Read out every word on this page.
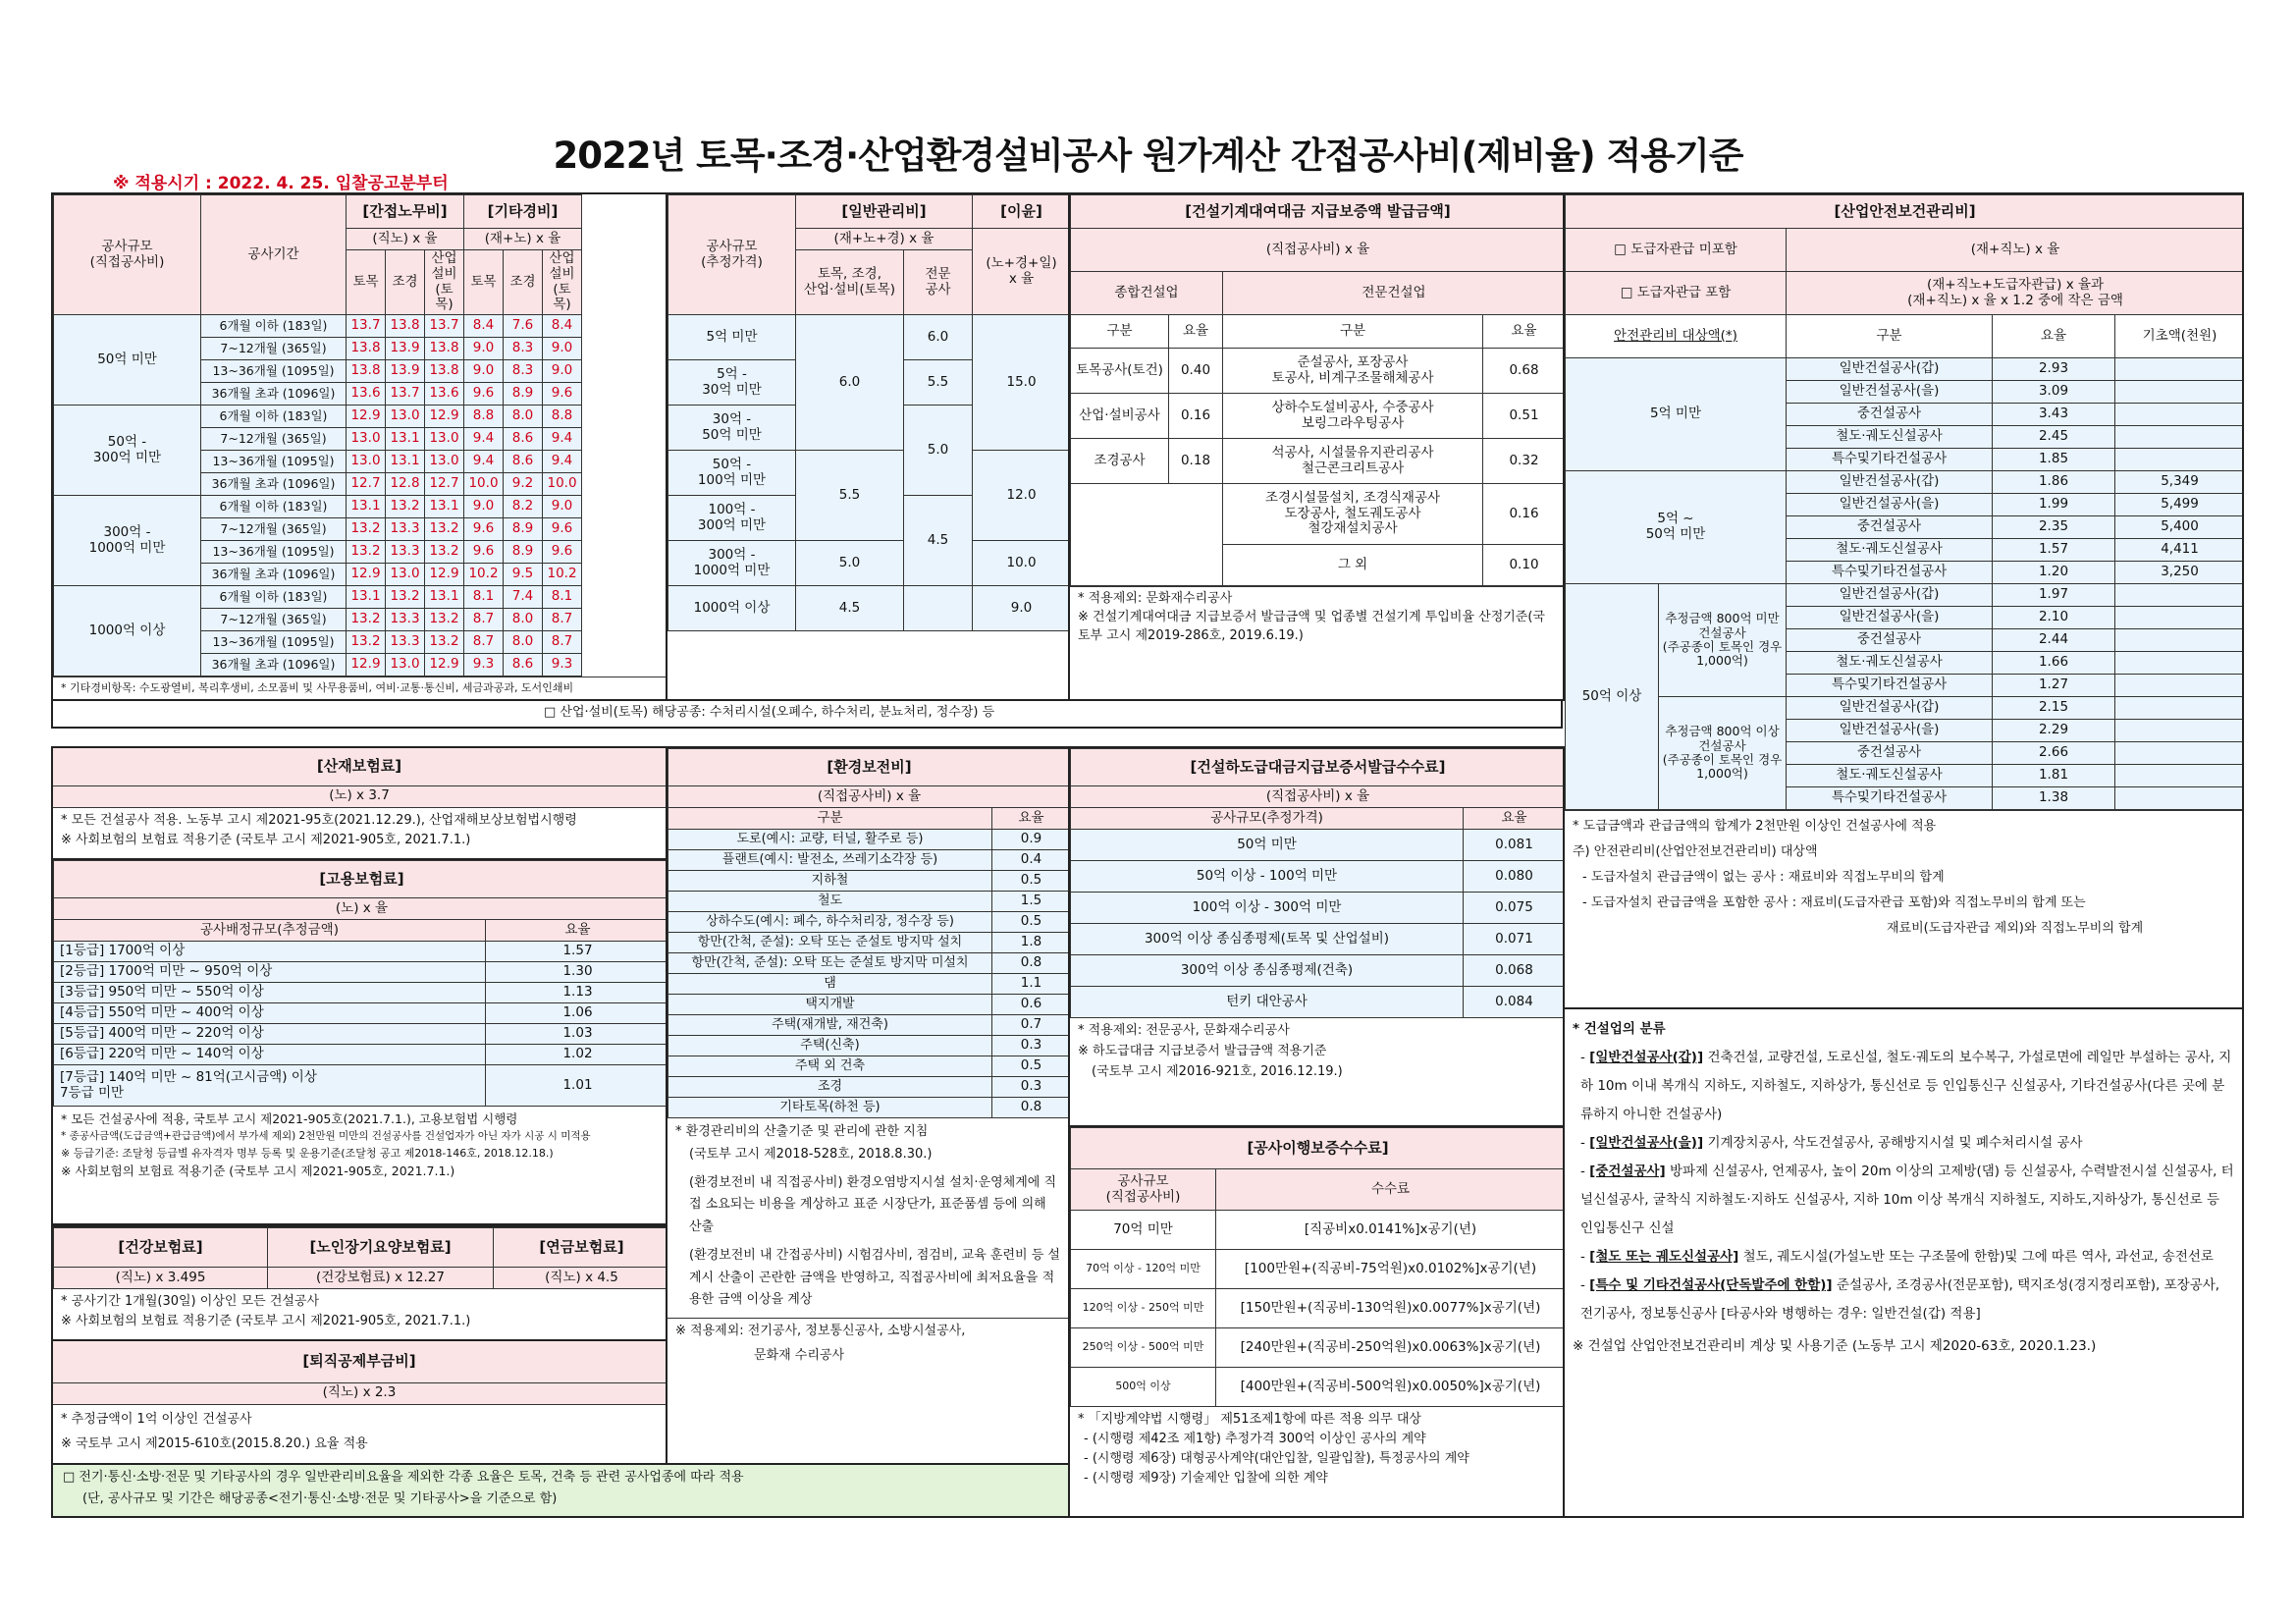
2022년 토목·조경·산업환경설비공사 원가계산 간접공사비(제비율) 적용기준
※ 적용시기 : 2022. 4. 25. 입찰공고분부터
공사규모
(직접공사비)	공사기간	[간접노무비]			[기타경비]			
		(직노) x 율			(재+노) x 율			
		토목	조경	산업
설비
(토목)	토목	조경	산업
설비
(토목)	
50억 미만	6개월 이하 (183일)	13.7	13.8	13.7	8.4	7.6	8.4	
	7~12개월 (365일)	13.8	13.9	13.8	9.0	8.3	9.0	
	13~36개월 (1095일)	13.8	13.9	13.8	9.0	8.3	9.0	
	36개월 초과 (1096일)	13.6	13.7	13.6	9.6	8.9	9.6	
50억 -
300억 미만	6개월 이하 (183일)	12.9	13.0	12.9	8.8	8.0	8.8	
	7~12개월 (365일)	13.0	13.1	13.0	9.4	8.6	9.4	
	13~36개월 (1095일)	13.0	13.1	13.0	9.4	8.6	9.4	
	36개월 초과 (1096일)	12.7	12.8	12.7	10.0	9.2	10.0	
300억 -
1000억 미만	6개월 이하 (183일)	13.1	13.2	13.1	9.0	8.2	9.0	
	7~12개월 (365일)	13.2	13.3	13.2	9.6	8.9	9.6	
	13~36개월 (1095일)	13.2	13.3	13.2	9.6	8.9	9.6	
	36개월 초과 (1096일)	12.9	13.0	12.9	10.2	9.5	10.2	
1000억 이상	6개월 이하 (183일)	13.1	13.2	13.1	8.1	7.4	8.1	
	7~12개월 (365일)	13.2	13.3	13.2	8.7	8.0	8.7	
	13~36개월 (1095일)	13.2	13.3	13.2	8.7	8.0	8.7	
	36개월 초과 (1096일)	12.9	13.0	12.9	9.3	8.6	9.3	
* 기타경비항목: 수도광열비, 복리후생비, 소모품비 및 사무용품비, 여비·교통·통신비, 세금과공과, 도서인쇄비
□ 산업·설비(토목) 해당공종: 수처리시설(오폐수, 하수처리, 분뇨처리, 정수장) 등
공사규모
(추정가격)	[일반관리비]		[이윤]
	(재+노+경) x 율		(노+경+일)
x 율
	토목, 조경,
산업·설비(토목)	전문
공사	
5억 미만	6.0	6.0	15.0
5억 -
30억 미만		5.5	
30억 -
50억 미만		5.0	
50억 -
100억 미만	5.5		12.0
100억 -
300억 미만		4.5	
300억 -
1000억 미만	5.0		10.0
1000억 이상	4.5		9.0
[건설기계대여대금 지급보증액 발급금액]			
(직접공사비) x 율			
종합건설업		전문건설업	
구분	요율	구분	요율
토목공사(토건)	0.40	준설공사, 포장공사
토공사, 비계구조물해체공사	0.68
산업·설비공사	0.16	상하수도설비공사, 수중공사
보링그라우팅공사	0.51
조경공사	0.18	석공사, 시설물유지관리공사
철근콘크리트공사	0.32
		조경시설물설치, 조경식재공사
도장공사, 철도궤도공사
철강재설치공사	0.16
		그 외	0.10
* 적용제외: 문화재수리공사
※ 건설기계대여대금 지급보증서 발급금액 및 업종별 건설기계 투입비율 산정기준(국토부 고시 제2019-286호, 2019.6.19.)
[산업안전보건관리비]				
□ 도급자관급 미포함		(재+직노) x 율		
□ 도급자관급 포함		(재+직노+도급자관급) x 율과
(재+직노) x 율 x 1.2 중에 작은 금액		
안전관리비 대상액(*)		구분	요율	기초액(천원)
5억 미만		일반건설공사(갑)	2.93	
		일반건설공사(을)	3.09	
		중건설공사	3.43	
		철도·궤도신설공사	2.45	
		특수및기타건설공사	1.85	
5억 ~
50억 미만		일반건설공사(갑)	1.86	5,349
		일반건설공사(을)	1.99	5,499
		중건설공사	2.35	5,400
		철도·궤도신설공사	1.57	4,411
		특수및기타건설공사	1.20	3,250
50억 이상	추정금액 800억 미만 건설공사
(주공종이 토목인 경우 1,000억)	일반건설공사(갑)	1.97	
		일반건설공사(을)	2.10	
		중건설공사	2.44	
		철도·궤도신설공사	1.66	
		특수및기타건설공사	1.27	
	추정금액 800억 이상 건설공사
(주공종이 토목인 경우 1,000억)	일반건설공사(갑)	2.15	
		일반건설공사(을)	2.29	
		중건설공사	2.66	
		철도·궤도신설공사	1.81	
		특수및기타건설공사	1.38	
* 도급금액과 관급금액의 합계가 2천만원 이상인 건설공사에 적용
주) 안전관리비(산업안전보건관리비) 대상액
- 도급자설치 관급금액이 없는 공사 : 재료비와 직접노무비의 합계
- 도급자설치 관급금액을 포함한 공사 : 재료비(도급자관급 포함)와 직접노무비의 합계 또는
재료비(도급자관급 제외)와 직접노무비의 합계
* 건설업의 분류
- [일반건설공사(갑)] 건축건설, 교량건설, 도로신설, 철도·궤도의 보수복구, 가설로면에 레일만 부설하는 공사, 지하 10m 이내 복개식 지하도, 지하철도, 지하상가, 통신선로 등 인입통신구 신설공사, 기타건설공사(다른 곳에 분류하지 아니한 건설공사)
- [일반건설공사(을)] 기계장치공사, 삭도건설공사, 공해방지시설 및 폐수처리시설 공사
- [중건설공사] 방파제 신설공사, 언제공사, 높이 20m 이상의 고제방(댐) 등 신설공사, 수력발전시설 신설공사, 터널신설공사, 굴착식 지하철도·지하도 신설공사, 지하 10m 이상 복개식 지하철도, 지하도,지하상가, 통신선로 등 인입통신구 신설
- [철도 또는 궤도신설공사] 철도, 궤도시설(가설노반 또는 구조물에 한함)및 그에 따른 역사, 과선교, 송전선로
- [특수 및 기타건설공사(단독발주에 한함)] 준설공사, 조경공사(전문포함), 택지조성(경지정리포함), 포장공사, 전기공사, 정보통신공사 [타공사와 병행하는 경우: 일반건설(갑) 적용]
※ 건설업 산업안전보건관리비 계상 및 사용기준 (노동부 고시 제2020-63호, 2020.1.23.)
[산재보험료]
(노) x 3.7
* 모든 건설공사 적용. 노동부 고시 제2021-95호(2021.12.29.), 산업재해보상보험법시행령
※ 사회보험의 보험료 적용기준 (국토부 고시 제2021-905호, 2021.7.1.)
[고용보험료]	
(노) x 율	
공사배정규모(추정금액)	요율
[1등급] 1700억 이상	1.57
[2등급] 1700억 미만 ~ 950억 이상	1.30
[3등급] 950억 미만 ~ 550억 이상	1.13
[4등급] 550억 미만 ~ 400억 이상	1.06
[5등급] 400억 미만 ~ 220억 이상	1.03
[6등급] 220억 미만 ~ 140억 이상	1.02
[7등급] 140억 미만 ~ 81억(고시금액) 이상
7등급 미만	1.01
* 모든 건설공사에 적용, 국토부 고시 제2021-905호(2021.7.1.), 고용보험법 시행령
* 종공사금액(도급금액+관급금액)에서 부가세 제외) 2천만원 미만의 건설공사를 건설업자가 아닌 자가 시공 시 미적용
※ 등급기준: 조달청 등급별 유자격자 명부 등록 및 운용기준(조달청 공고 제2018-146호, 2018.12.18.)
※ 사회보험의 보험료 적용기준 (국토부 고시 제2021-905호, 2021.7.1.)
[건강보험료]	[노인장기요양보험료]	[연금보험료]
(직노) x 3.495	(건강보험료) x 12.27	(직노) x 4.5
* 공사기간 1개월(30일) 이상인 모든 건설공사
※ 사회보험의 보험료 적용기준 (국토부 고시 제2021-905호, 2021.7.1.)
[퇴직공제부금비]
(직노) x 2.3
* 추정금액이 1억 이상인 건설공사
※ 국토부 고시 제2015-610호(2015.8.20.) 요율 적용
□ 전기·통신·소방·전문 및 기타공사의 경우 일반관리비요율을 제외한 각종 요율은 토목, 건축 등 관련 공사업종에 따라 적용
(단, 공사규모 및 기간은 해당공종<전기·통신·소방·전문 및 기타공사>을 기준으로 함)
[환경보전비]	
(직접공사비) x 율	
구분	요율
도로(예시: 교량, 터널, 활주로 등)	0.9
플랜트(예시: 발전소, 쓰레기소각장 등)	0.4
지하철	0.5
철도	1.5
상하수도(예시: 폐수, 하수처리장, 정수장 등)	0.5
항만(간척, 준설): 오탁 또는 준설토 방지막 설치	1.8
항만(간척, 준설): 오탁 또는 준설토 방지막 미설치	0.8
댐	1.1
택지개발	0.6
주택(재개발, 재건축)	0.7
주택(신축)	0.3
주택 외 건축	0.5
조경	0.3
기타토목(하천 등)	0.8
* 환경관리비의 산출기준 및 관리에 관한 지침
(국토부 고시 제2018-528호, 2018.8.30.)
(환경보전비 내 직접공사비) 환경오염방지시설 설치·운영체계에 직접 소요되는 비용을 계상하고 표준 시장단가, 표준품셈 등에 의해 산출
(환경보전비 내 간접공사비) 시험검사비, 점검비, 교육 훈련비 등 설계시 산출이 곤란한 금액을 반영하고, 직접공사비에 최저요율을 적용한 금액 이상을 계상
※ 적용제외: 전기공사, 정보통신공사, 소방시설공사,
문화재 수리공사
[건설하도급대금지급보증서발급수수료]	
(직접공사비) x 율	
공사규모(추정가격)	요율
50억 미만	0.081
50억 이상 - 100억 미만	0.080
100억 이상 - 300억 미만	0.075
300억 이상 종심종평제(토목 및 산업설비)	0.071
300억 이상 종심종평제(건축)	0.068
턴키 대안공사	0.084
* 적용제외: 전문공사, 문화재수리공사
※ 하도급대금 지급보증서 발급금액 적용기준
(국토부 고시 제2016-921호, 2016.12.19.)
[공사이행보증수수료]	
공사규모
(직접공사비)	수수료
70억 미만	[직공비x0.0141%]x공기(년)
70억 이상 - 120억 미만	[100만원+(직공비-75억원)x0.0102%]x공기(년)
120억 이상 - 250억 미만	[150만원+(직공비-130억원)x0.0077%]x공기(년)
250억 이상 - 500억 미만	[240만원+(직공비-250억원)x0.0063%]x공기(년)
500억 이상	[400만원+(직공비-500억원)x0.0050%]x공기(년)
* 「지방계약법 시행령」 제51조제1항에 따른 적용 의무 대상
- (시행령 제42조 제1항) 추정가격 300억 이상인 공사의 계약
- (시행령 제6장) 대형공사계약(대안입찰, 일괄입찰), 특정공사의 계약
- (시행령 제9장) 기술제안 입찰에 의한 계약
